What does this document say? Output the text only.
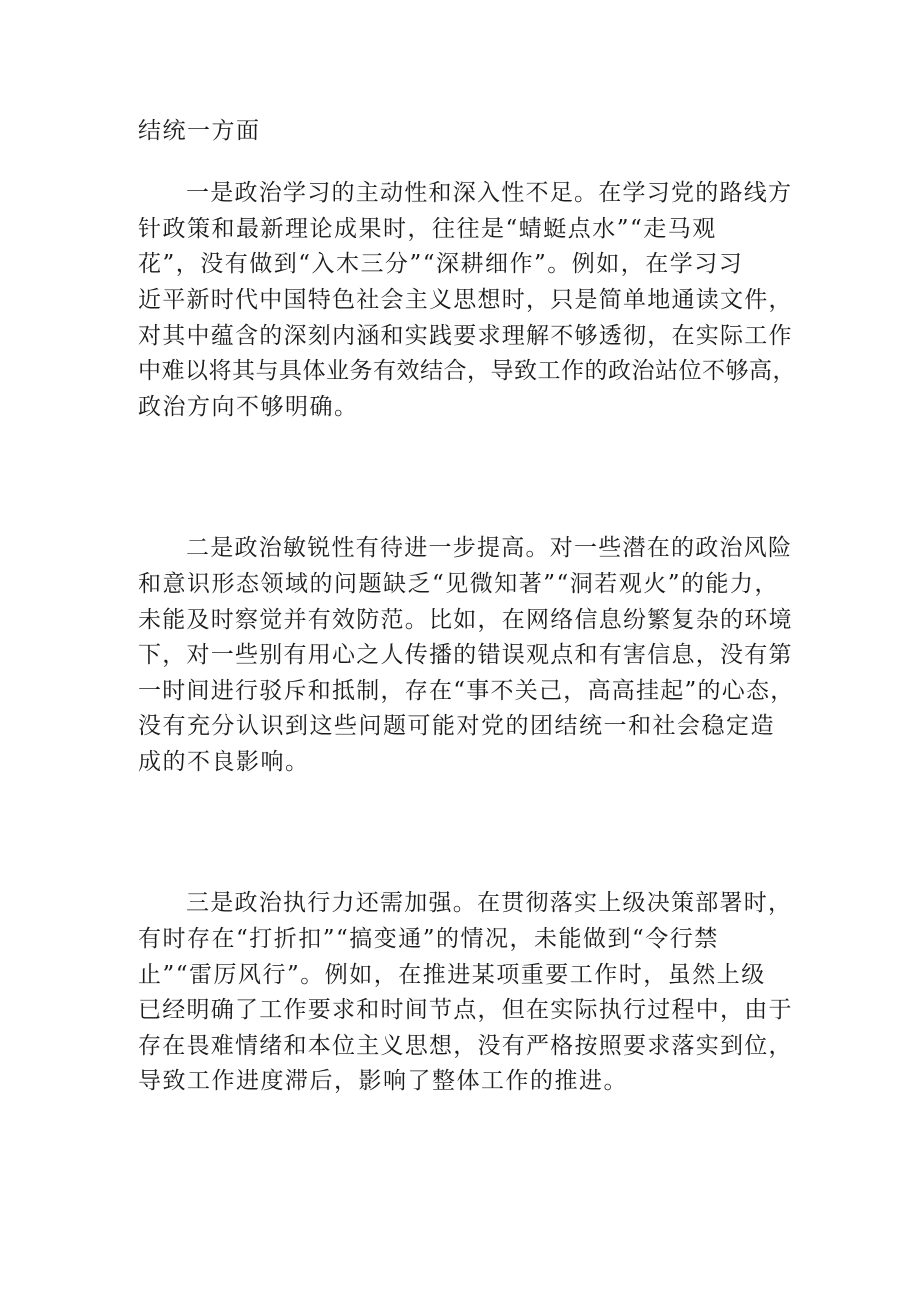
结统一方面
一是政治学习的主动性和深入性不足。在学习党的路线方
针政策和最新理论成果时，往往是“蜻蜓点水”“走马观
花”，没有做到“入木三分”“深耕细作”。例如，在学习习
近平新时代中国特色社会主义思想时，只是简单地通读文件，
对其中蕴含的深刻内涵和实践要求理解不够透彻，在实际工作
中难以将其与具体业务有效结合，导致工作的政治站位不够高，
政治方向不够明确。
二是政治敏锐性有待进一步提高。对一些潜在的政治风险
和意识形态领域的问题缺乏“见微知著”“洞若观火”的能力，
未能及时察觉并有效防范。比如，在网络信息纷繁复杂的环境
下，对一些别有用心之人传播的错误观点和有害信息，没有第
一时间进行驳斥和抵制，存在“事不关己，高高挂起”的心态，
没有充分认识到这些问题可能对党的团结统一和社会稳定造
成的不良影响。
三是政治执行力还需加强。在贯彻落实上级决策部署时，
有时存在“打折扣”“搞变通”的情况，未能做到“令行禁
止”“雷厉风行”。例如，在推进某项重要工作时，虽然上级
已经明确了工作要求和时间节点，但在实际执行过程中，由于
存在畏难情绪和本位主义思想，没有严格按照要求落实到位，
导致工作进度滞后，影响了整体工作的推进。
